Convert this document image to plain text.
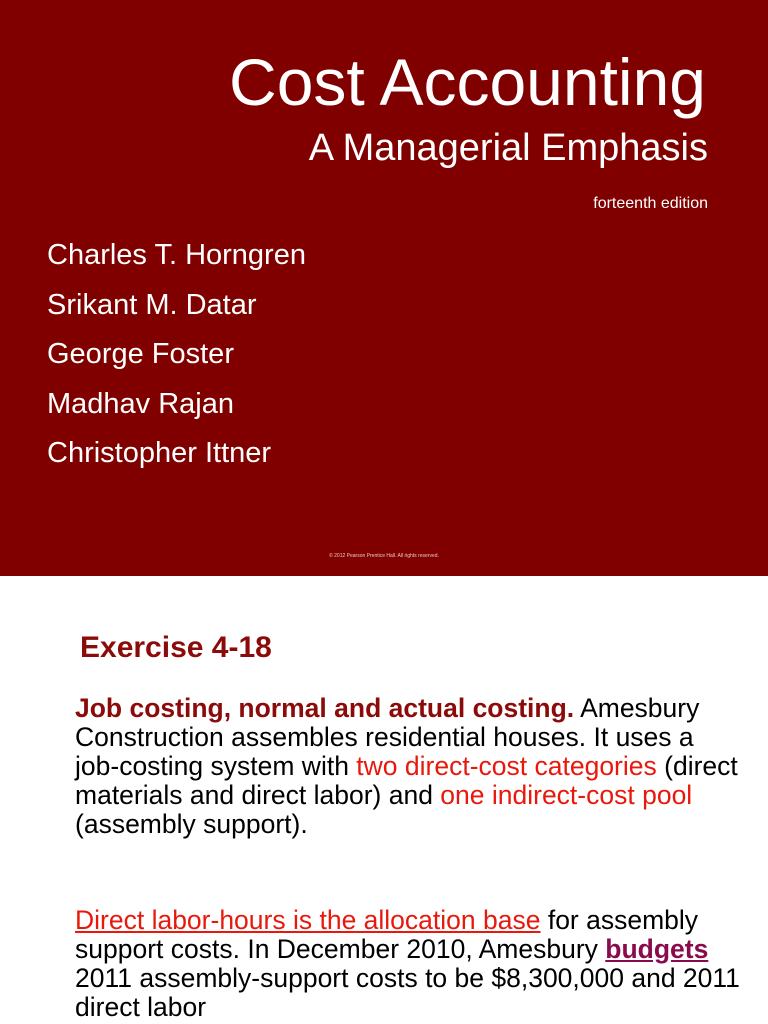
Cost Accounting
A Managerial Emphasis
forteenth edition
Charles T. Horngren
Srikant M. Datar
George Foster
Madhav Rajan
Christopher Ittner
© 2012 Pearson Prentice Hall. All rights reserved.
Exercise 4-18

Job costing, normal and actual costing. Amesbury Construction assembles residential houses. It uses a job-costing system with two direct-cost categories (direct materials and direct labor) and one indirect-cost pool (assembly support).

Direct labor-hours is the allocation base for assembly support costs. In December 2010, Amesbury budgets 2011 assembly-support costs to be $8,300,000 and 2011 direct labor
